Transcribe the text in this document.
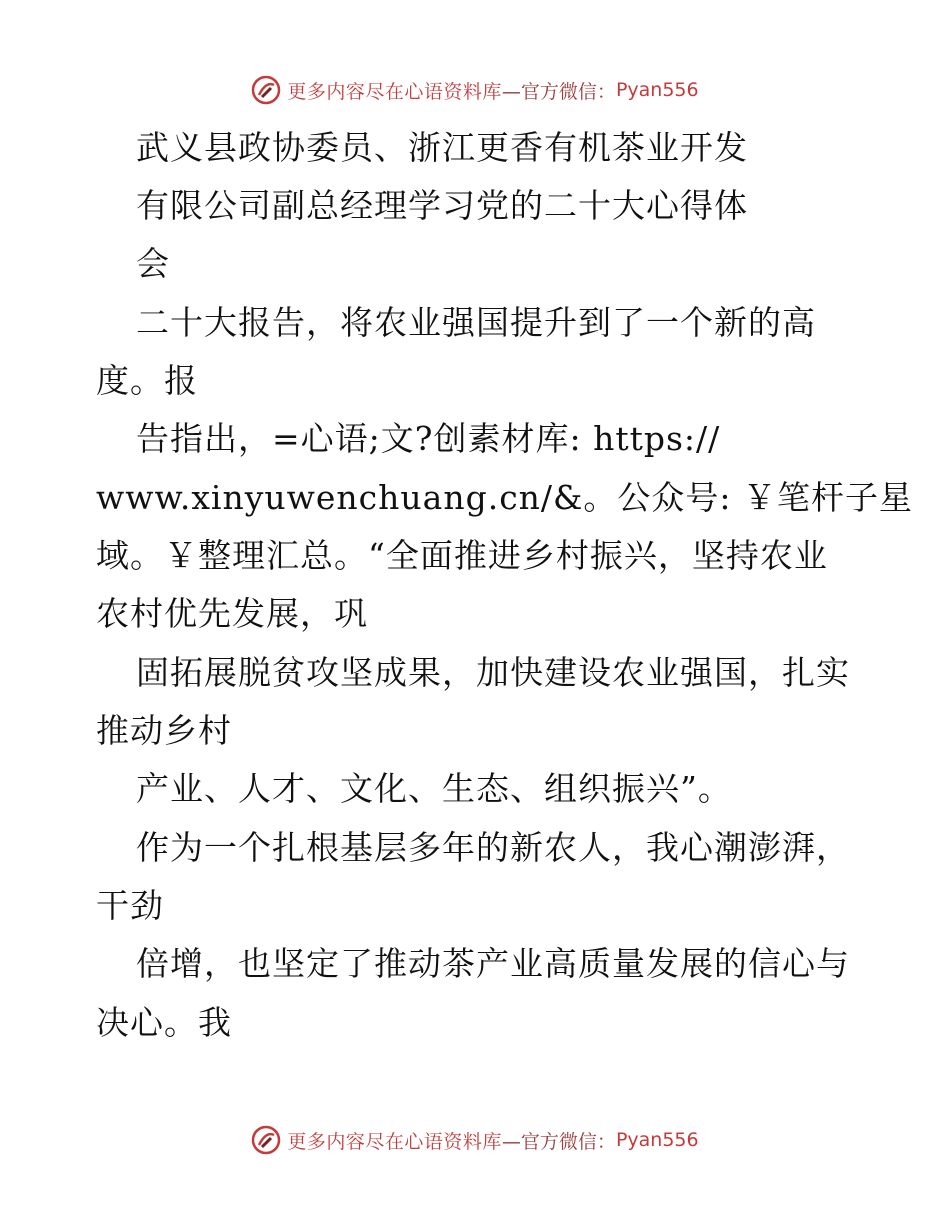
更多内容尽在心语资料库 —官方微信： Pyan556
武义县政协委员、浙江更香有机茶业开发
有限公司副总经理学习党的二十大心得体
会
二十大报告，将农业强国提升到了一个新的高
度。报
告指出，=心语;文?创素材库: https://
www.xinyuwenchuang.cn/&。公众号: ￥笔杆子星
域。￥整理汇总。“全面推进乡村振兴，坚持农业
农村优先发展，巩
固拓展脱贫攻坚成果，加快建设农业强国，扎实
推动乡村
产业、人才、文化、生态、组织振兴”。
作为一个扎根基层多年的新农人，我心潮澎湃，
干劲
倍增，也坚定了推动茶产业高质量发展的信心与
决心。我
更多内容尽在心语资料库 —官方微信： Pyan556
